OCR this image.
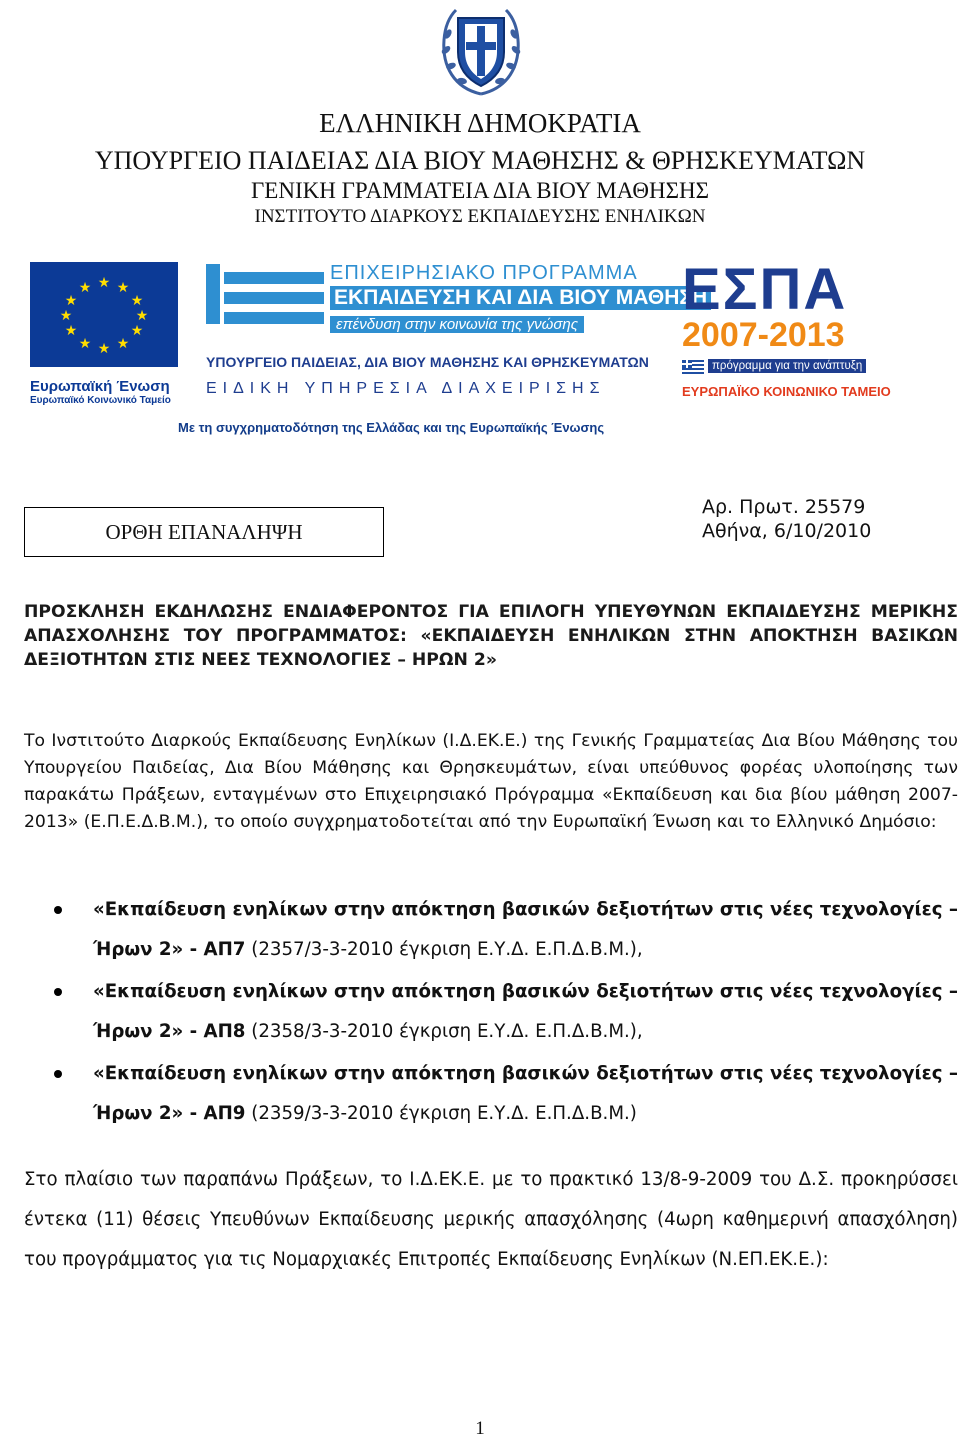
ΕΛΛΗΝΙΚΗ ΔΗΜΟΚΡΑΤΙΑ
ΥΠΟΥΡΓΕΙΟ ΠΑΙΔΕΙΑΣ ΔΙΑ ΒΙΟΥ ΜΑΘΗΣΗΣ & ΘΡΗΣΚΕΥΜΑΤΩΝ
ΓΕΝΙΚΗ ΓΡΑΜΜΑΤΕΙΑ ΔΙΑ ΒΙΟΥ ΜΑΘΗΣΗΣ
ΙΝΣΤΙΤΟΥΤΟ ΔΙΑΡΚΟΥΣ ΕΚΠΑΙΔΕΥΣΗΣ ΕΝΗΛΙΚΩΝ
★ ★
★
★
★
★
★
★
★
★
★
★
Ευρωπαϊκή Ένωση
Ευρωπαϊκό Κοινωνικό Ταμείο
ΕΠΙΧΕΙΡΗΣΙΑΚΟ ΠΡΟΓΡΑΜΜΑ
ΕΚΠΑΙΔΕΥΣΗ ΚΑΙ ΔΙΑ ΒΙΟΥ ΜΑΘΗΣΗ
επένδυση στην κοινωνία της γνώσης
ΥΠΟΥΡΓΕΙΟ ΠΑΙΔΕΙΑΣ, ΔΙΑ ΒΙΟΥ ΜΑΘΗΣΗΣ ΚΑΙ ΘΡΗΣΚΕΥΜΑΤΩΝ
ΕΙΔΙΚΗ ΥΠΗΡΕΣΙΑ ΔΙΑΧΕΙΡΙΣΗΣ
ΕΣΠΑ
2007-2013
πρόγραμμα για την ανάπτυξη
ΕΥΡΩΠΑΪΚΟ ΚΟΙΝΩΝΙΚΟ ΤΑΜΕΙΟ
Με τη συγχρηματοδότηση της Ελλάδας και της Ευρωπαϊκής Ένωσης
ΟΡΘΗ ΕΠΑΝΑΛΗΨΗ
Αρ. Πρωτ. 25579
Αθήνα, 6/10/2010
ΠΡΟΣΚΛΗΣΗ ΕΚΔΗΛΩΣΗΣ ΕΝΔΙΑΦΕΡΟΝΤΟΣ ΓΙΑ ΕΠΙΛΟΓΗ ΥΠΕΥΘΥΝΩΝ ΕΚΠΑΙΔΕΥΣΗΣ ΜΕΡΙΚΗΣ ΑΠΑΣΧΟΛΗΣΗΣ ΤΟΥ ΠΡΟΓΡΑΜΜΑΤΟΣ: «ΕΚΠΑΙΔΕΥΣΗ ΕΝΗΛΙΚΩΝ ΣΤΗΝ ΑΠΟΚΤΗΣΗ ΒΑΣΙΚΩΝ ΔΕΞΙΟΤΗΤΩΝ ΣΤΙΣ ΝΕΕΣ ΤΕΧΝΟΛΟΓΙΕΣ – ΗΡΩΝ 2»
Το Ινστιτούτο Διαρκούς Εκπαίδευσης Ενηλίκων (Ι.Δ.ΕΚ.Ε.) της Γενικής Γραμματείας Δια Βίου Μάθησης του Υπουργείου Παιδείας, Δια Βίου Μάθησης και Θρησκευμάτων, είναι υπεύθυνος φορέας υλοποίησης των παρακάτω Πράξεων, ενταγμένων στο Επιχειρησιακό Πρόγραμμα «Εκπαίδευση και δια βίου μάθηση 2007-2013» (Ε.Π.Ε.Δ.Β.Μ.), το οποίο συγχρηματοδοτείται από την Ευρωπαϊκή Ένωση και το Ελληνικό Δημόσιο:
«Εκπαίδευση ενηλίκων στην απόκτηση βασικών δεξιοτήτων στις νέες τεχνολογίες – Ήρων 2» - ΑΠ7 (2357/3-3-2010 έγκριση Ε.Υ.Δ. Ε.Π.Δ.Β.Μ.),
«Εκπαίδευση ενηλίκων στην απόκτηση βασικών δεξιοτήτων στις νέες τεχνολογίες – Ήρων 2» - ΑΠ8 (2358/3-3-2010 έγκριση Ε.Υ.Δ. Ε.Π.Δ.Β.Μ.),
«Εκπαίδευση ενηλίκων στην απόκτηση βασικών δεξιοτήτων στις νέες τεχνολογίες – Ήρων 2» - ΑΠ9 (2359/3-3-2010 έγκριση Ε.Υ.Δ. Ε.Π.Δ.Β.Μ.)
Στο πλαίσιο των παραπάνω Πράξεων, το Ι.Δ.ΕΚ.Ε. με το πρακτικό 13/8-9-2009 του Δ.Σ. προκηρύσσει έντεκα (11) θέσεις Υπευθύνων Εκπαίδευσης μερικής απασχόλησης (4ωρη καθημερινή απασχόληση) του προγράμματος για τις Νομαρχιακές Επιτροπές Εκπαίδευσης Ενηλίκων (Ν.ΕΠ.ΕΚ.Ε.):
1
